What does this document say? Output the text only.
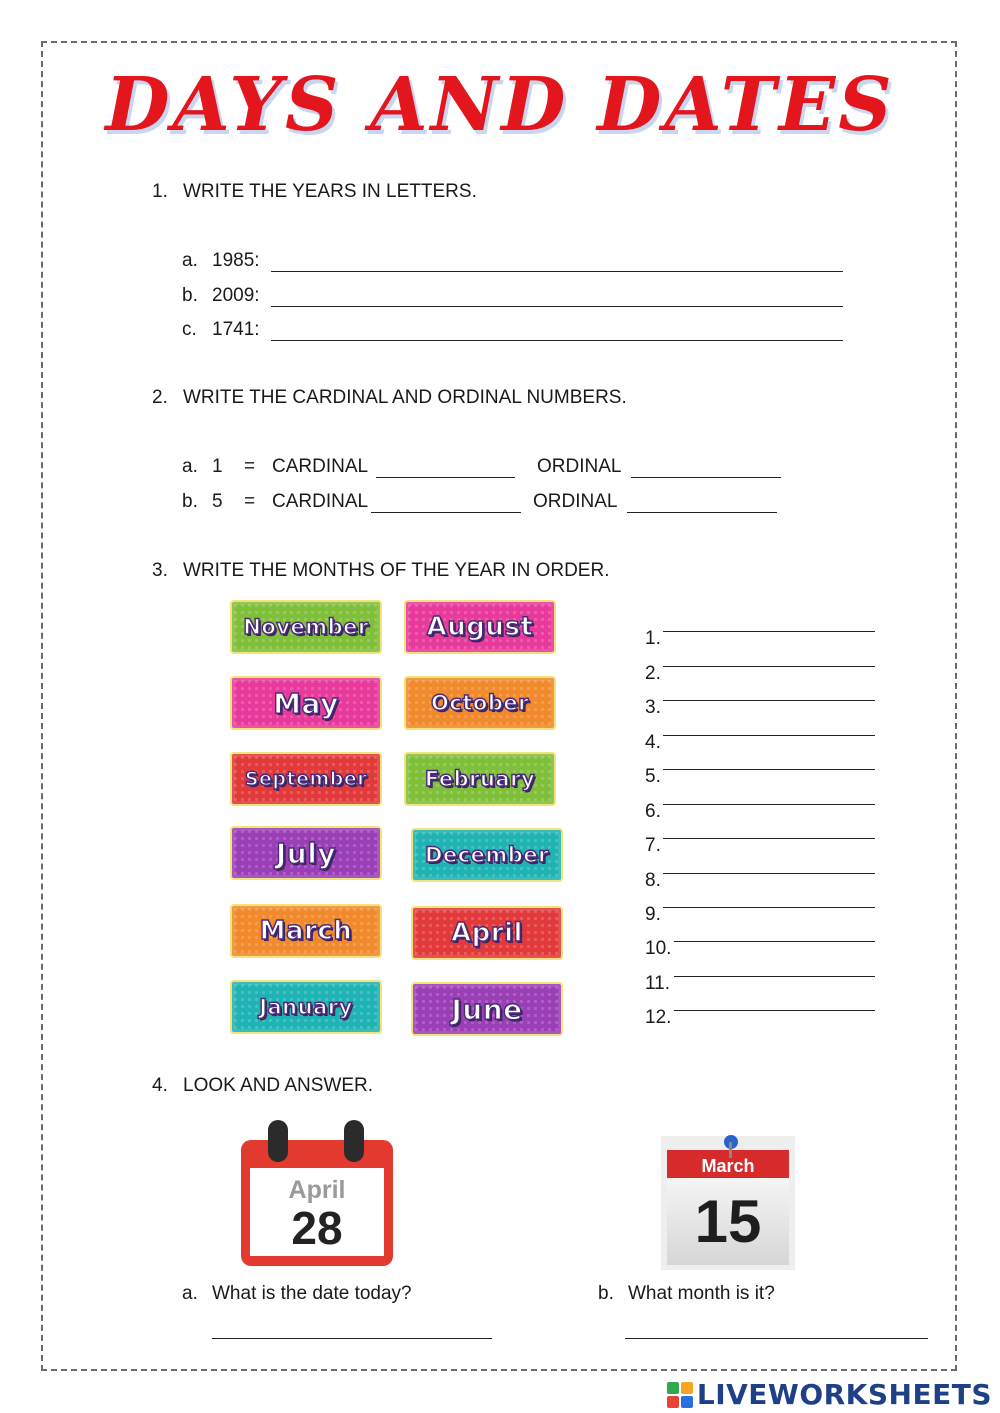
DAYS AND DATES
1. WRITE THE YEARS IN LETTERS.
a. 1985:
b. 2009:
c. 1741:
2. WRITE THE CARDINAL AND ORDINAL NUMBERS.
a. 1 = CARDINAL	ORDINAL
b. 5 = CARDINAL	ORDINAL
3. WRITE THE MONTHS OF THE YEAR IN ORDER.
November August
May	October
September	February
July	December
March	April
January	June
1.
2.
3.
4.
5.
6.
7.
8.
9.
10.
11.
12.
4. LOOK AND ANSWER.
April
28
March
15
a. What is the date today?	b. What month is it?
LIVEWORKSHEETS
